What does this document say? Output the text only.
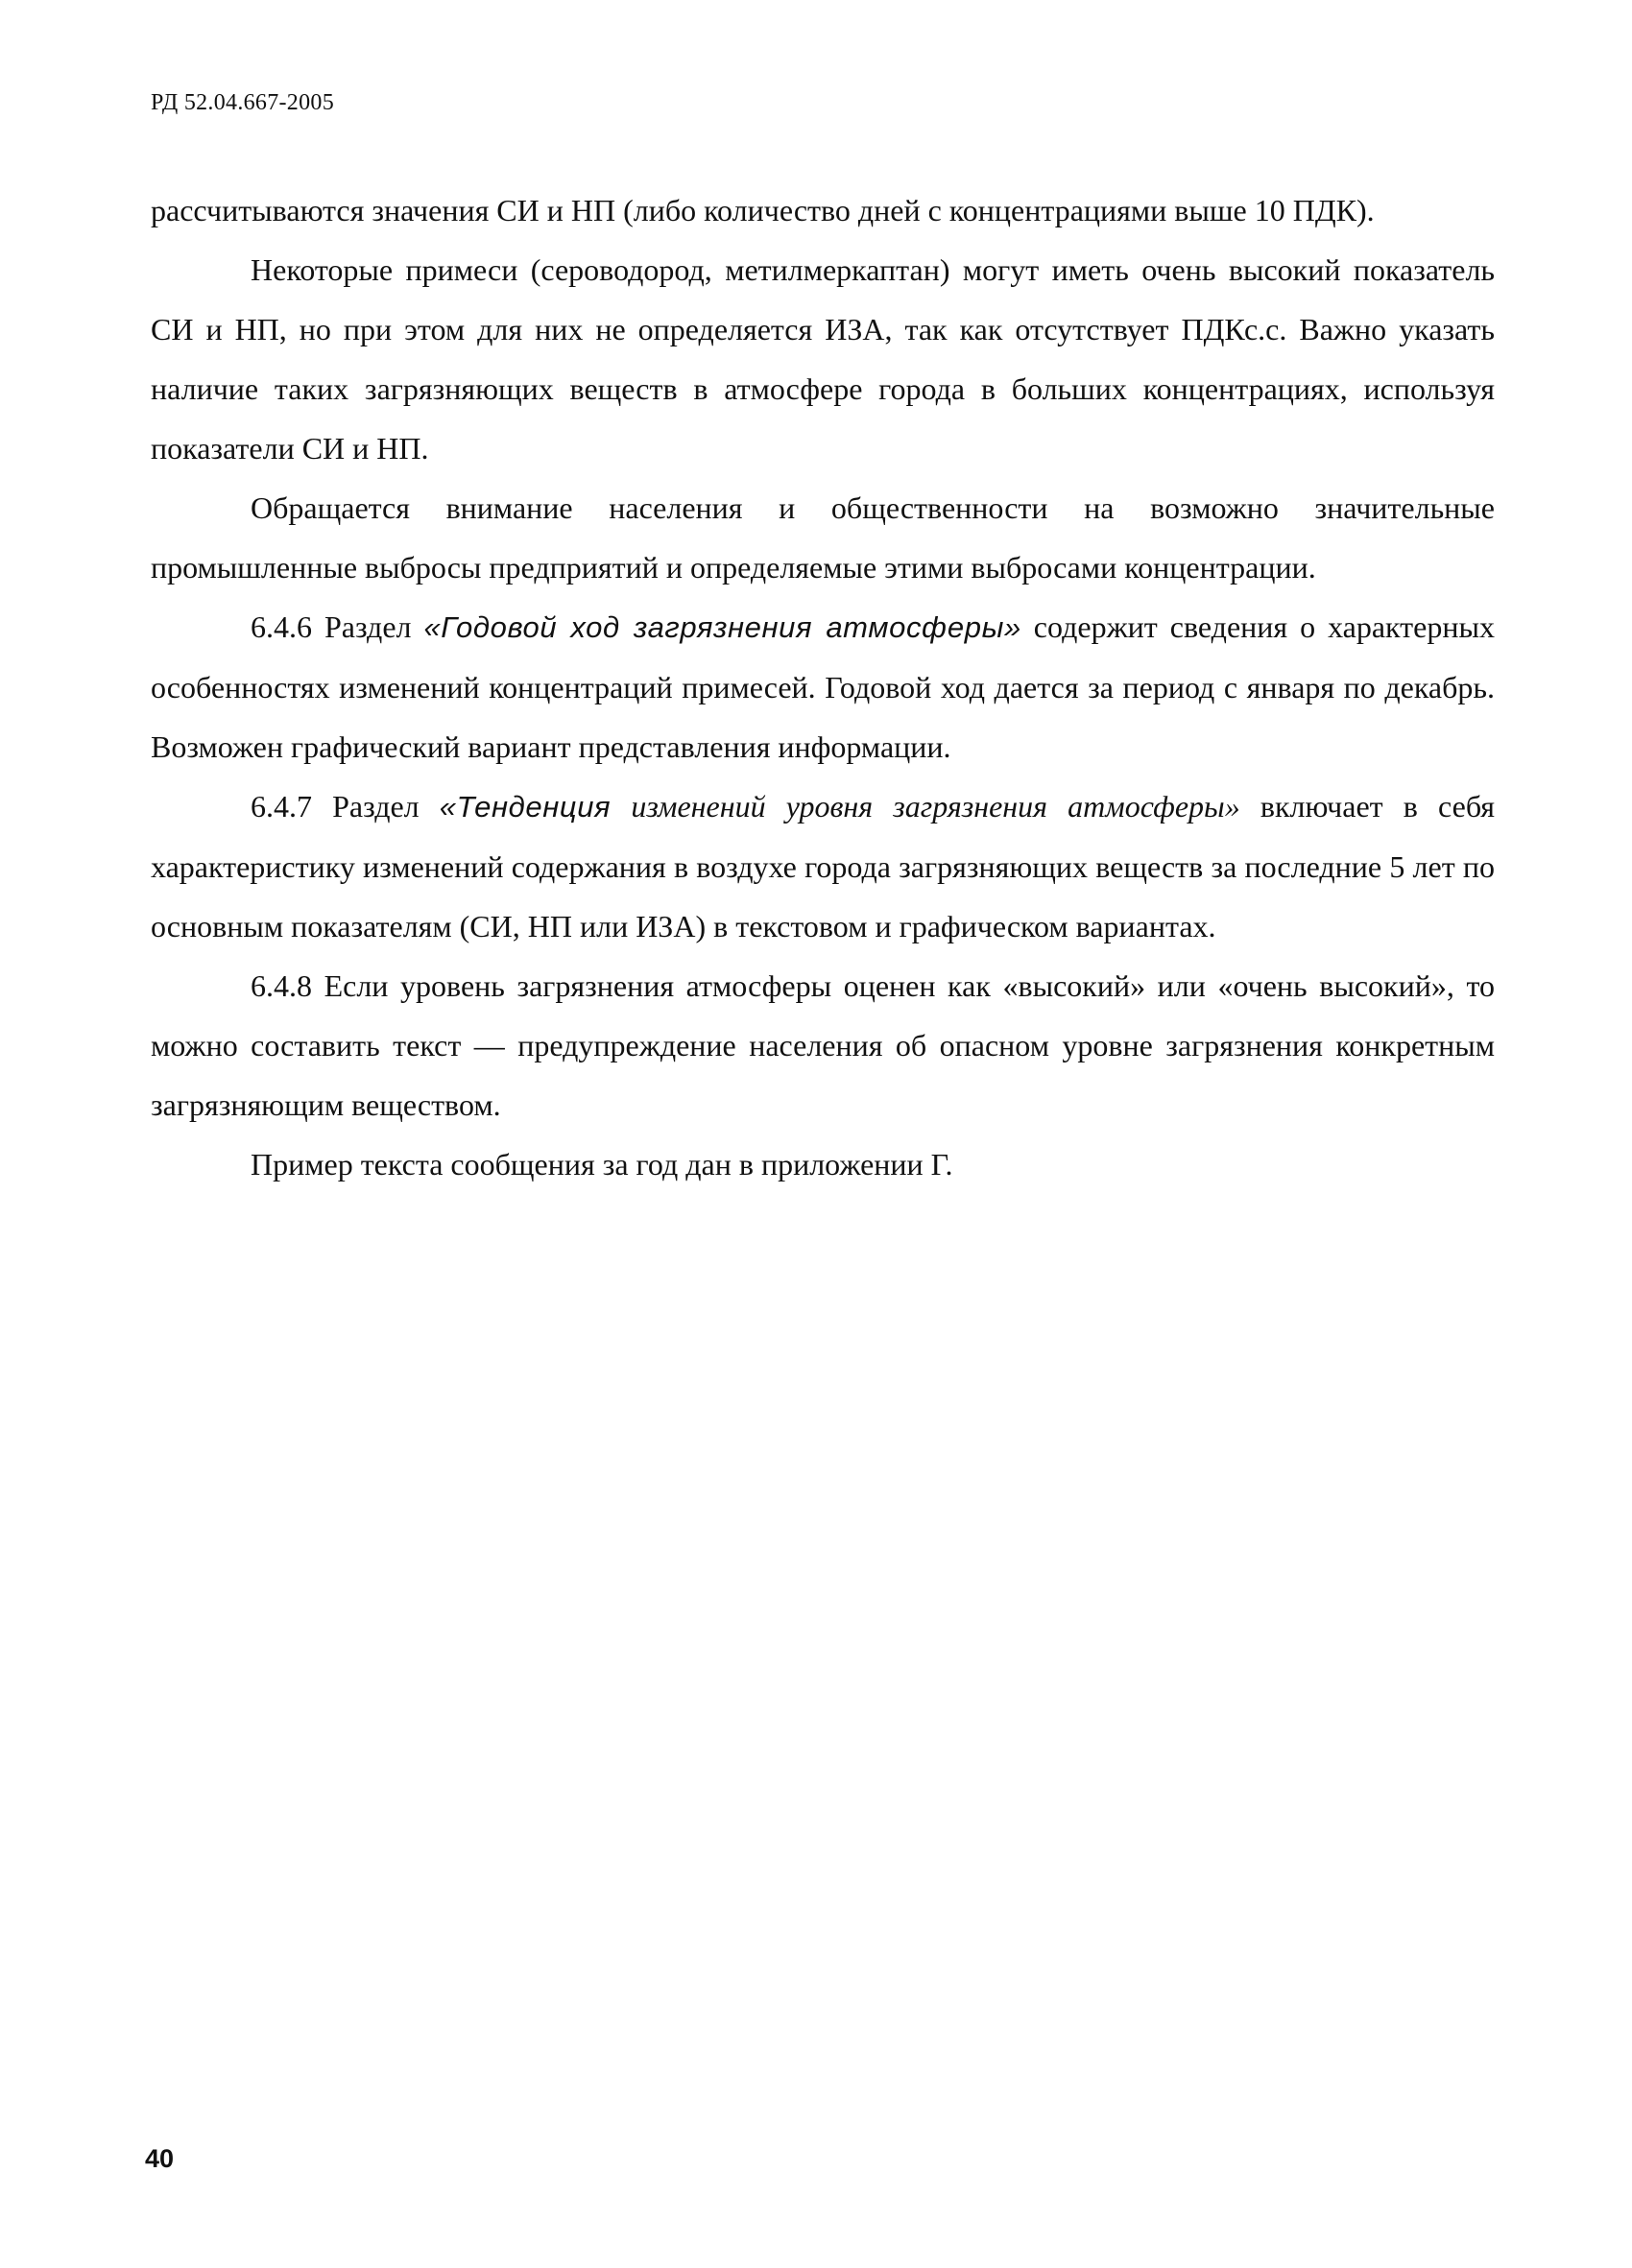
РД 52.04.667-2005

рассчитываются значения СИ и НП (либо количество дней с концентрациями выше 10 ПДК).

Некоторые примеси (сероводород, метилмеркаптан) могут иметь очень высокий показатель СИ и НП, но при этом для них не определяется ИЗА, так как отсутствует ПДКс.с. Важно указать наличие таких загрязняющих веществ в атмосфере города в больших концентрациях, используя показатели СИ и НП.

Обращается внимание населения и общественности на возможно значительные промышленные выбросы предприятий и определяемые этими выбросами концентрации.

6.4.6 Раздел «Годовой ход загрязнения атмосферы» содержит сведения о характерных особенностях изменений концентраций примесей. Годовой ход дается за период с января по декабрь. Возможен графический вариант представления информации.

6.4.7 Раздел «Тенденция изменений уровня загрязнения атмосферы» включает в себя характеристику изменений содержания в воздухе города загрязняющих веществ за последние 5 лет по основным показателям (СИ, НП или ИЗА) в текстовом и графическом вариантах.

6.4.8 Если уровень загрязнения атмосферы оценен как «высокий» или «очень высокий», то можно составить текст — предупреждение населения об опасном уровне загрязнения конкретным загрязняющим веществом.

Пример текста сообщения за год дан в приложении Г.

40
